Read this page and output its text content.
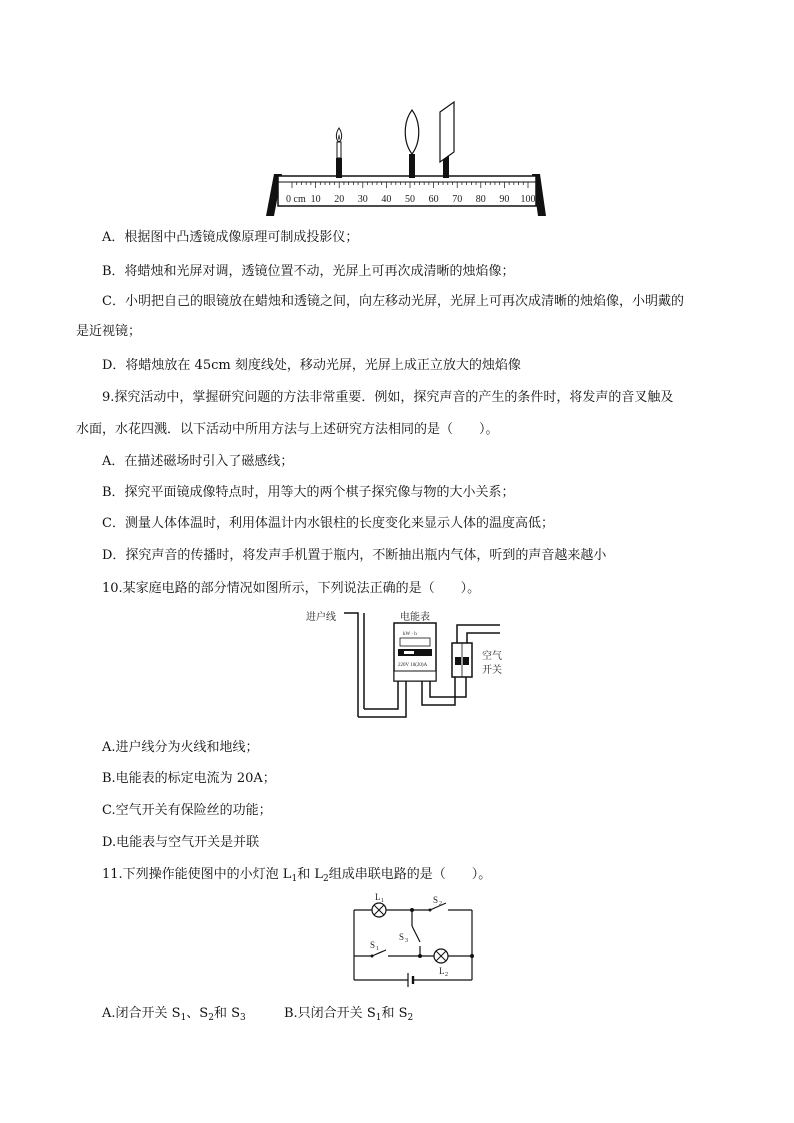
0 cm 10 20 30 40 50 60 70 80 90 100
A．根据图中凸透镜成像原理可制成投影仪；
B．将蜡烛和光屏对调，透镜位置不动，光屏上可再次成清晰的烛焰像；
C．小明把自己的眼镜放在蜡烛和透镜之间，向左移动光屏，光屏上可再次成清晰的烛焰像，小明戴的
是近视镜；
D．将蜡烛放在 45cm 刻度线处，移动光屏，光屏上成正立放大的烛焰像
9.探究活动中，掌握研究问题的方法非常重要．例如，探究声音的产生的条件时，将发声的音叉触及
水面，水花四溅．以下活动中所用方法与上述研究方法相同的是（　　）。
A．在描述磁场时引入了磁感线；
B．探究平面镜成像特点时，用等大的两个棋子探究像与物的大小关系；
C．测量人体体温时，利用体温计内水银柱的长度变化来显示人体的温度高低；
D．探究声音的传播时，将发声手机置于瓶内，不断抽出瓶内气体，听到的声音越来越小
10.某家庭电路的部分情况如图所示，下列说法正确的是（　　）。
进户线	电能表
kW · h
220V 10(20)A
空气
开关
A.进户线分为火线和地线；
B.电能表的标定电流为 20A；
C.空气开关有保险丝的功能；
D.电能表与空气开关是并联
11.下列操作能使图中的小灯泡 $L_1$和 $L_2$组成串联电路的是（　　）。
L 1	S 2
S 3
S 1
L 2
A.闭合开关 $S_1$、$S_2$和 $S_3$	B.只闭合开关 $S_1$和 $S_2$
